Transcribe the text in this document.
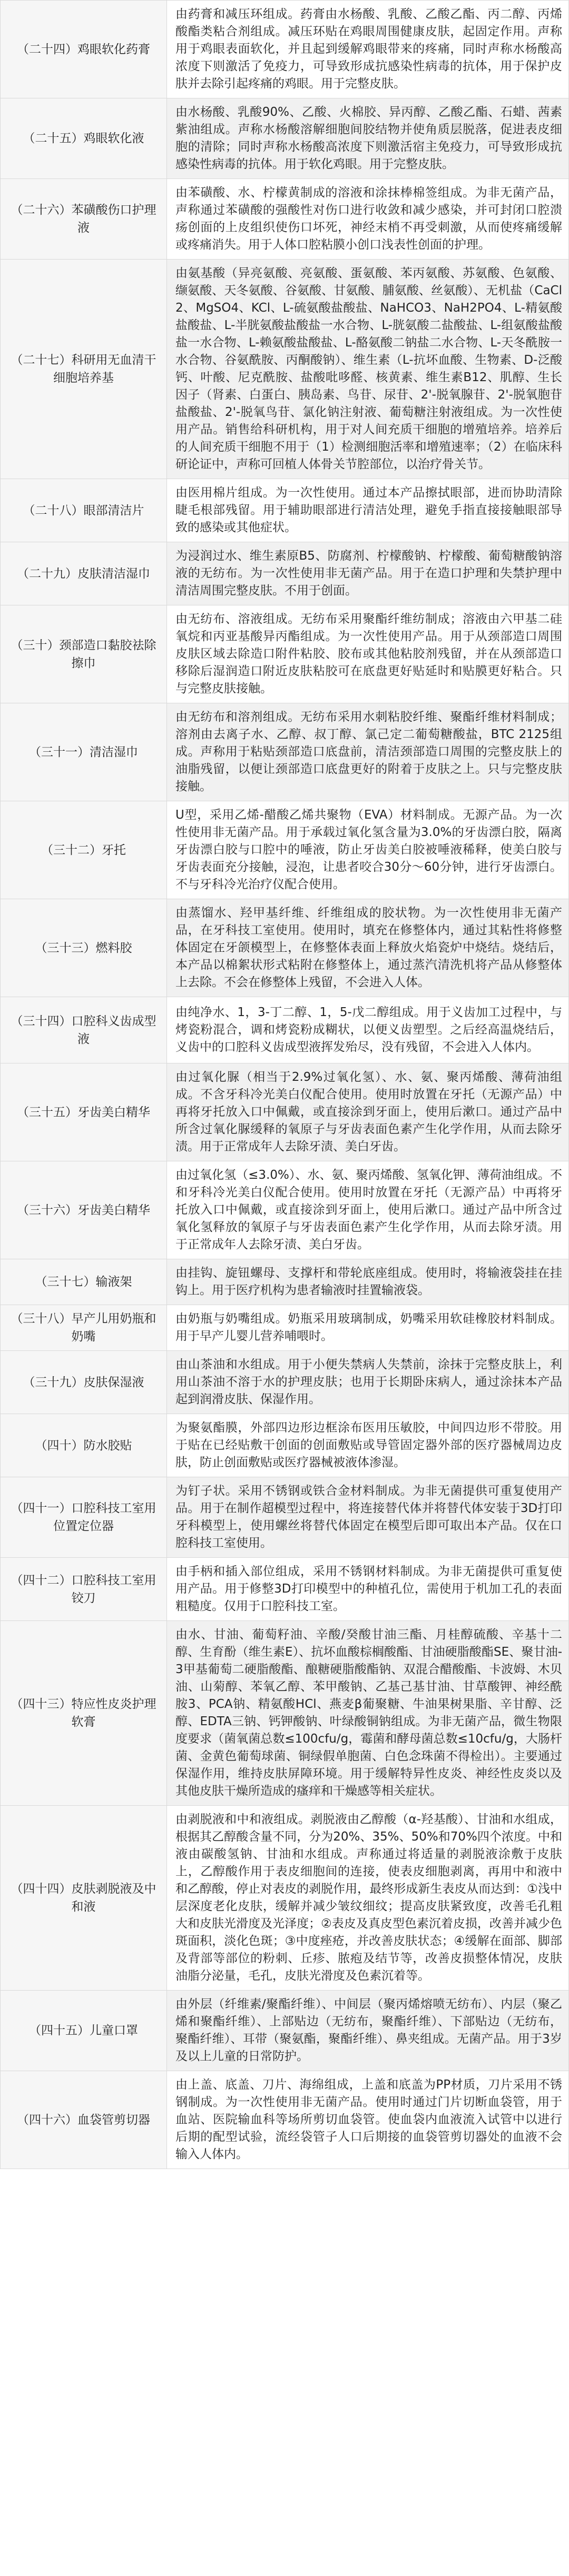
（二十四）鸡眼软化药膏	由药膏和减压环组成。药膏由水杨酸、乳酸、乙酸乙酯、丙二醇、丙烯酸酯类粘合剂组成。减压环贴在鸡眼周围健康皮肤，起固定作用。声称用于鸡眼表面软化，并且起到缓解鸡眼带来的疼痛，同时声称水杨酸高浓度下则激活了免疫力，可导致形成抗感染性病毒的抗体，用于保护皮肤并去除引起疼痛的鸡眼。用于完整皮肤。
（二十五）鸡眼软化液	由水杨酸、乳酸90%、乙酸、火棉胶、异丙醇、乙酸乙酯、石蜡、茜素紫油组成。声称水杨酸溶解细胞间胶结物并使角质层脱落，促进表皮细胞的清除；同时声称水杨酸高浓度下则激活宿主免疫力，可导致形成抗感染性病毒的抗体。用于软化鸡眼。用于完整皮肤。
（二十六）苯磺酸伤口护理液	由苯磺酸、水、柠檬黄制成的溶液和涂抹棒棉签组成。为非无菌产品，声称通过苯磺酸的强酸性对伤口进行收敛和减少感染，并可封闭口腔溃疡创面的上皮组织使伤口坏死，神经末梢不再受刺激，从而使疼痛缓解或疼痛消失。用于人体口腔粘膜小创口浅表性创面的护理。
（二十七）科研用无血清干细胞培养基	由氨基酸（异亮氨酸、亮氨酸、蛋氨酸、苯丙氨酸、苏氨酸、色氨酸、缬氨酸、天冬氨酸、谷氨酸、甘氨酸、脯氨酸、丝氨酸）、无机盐（CaCl2、MgSO4、KCl、L-硫氨酸盐酸盐、NaHCO3、NaH2PO4、L-精氨酸盐酸盐、L-半胱氨酸盐酸盐一水合物、L-胱氨酸二盐酸盐、L-组氨酸盐酸盐一水合物、L-赖氨酸盐酸盐、L-酪氨酸二钠盐二水合物、L-天冬酰胺一水合物、谷氨酰胺、丙酮酸钠）、维生素（L-抗坏血酸、生物素、D-泛酸钙、叶酸、尼克酰胺、盐酸吡哆醛、核黄素、维生素B12、肌醇、生长因子（肾素、白蛋白、胰岛素、鸟苷、尿苷、2'-脱氧腺苷、2'-脱氧胞苷盐酸盐、2'-脱氧鸟苷、氯化钠注射液、葡萄糖注射液组成。为一次性使用产品。销售给科研机构，用于对人间充质干细胞的增殖培养。培养后的人间充质干细胞不用于（1）检测细胞活率和增殖速率；（2）在临床科研论证中，声称可回植人体骨关节腔部位，以治疗骨关节。
（二十八）眼部清洁片	由医用棉片组成。为一次性使用。通过本产品擦拭眼部，进而协助清除睫毛根部残留。用于辅助眼部进行清洁处理，避免手指直接接触眼部导致的感染或其他症状。
（二十九）皮肤清洁湿巾	为浸润过水、维生素原B5、防腐剂、柠檬酸钠、柠檬酸、葡萄糖酸钠溶液的无纺布。为一次性使用非无菌产品。用于在造口护理和失禁护理中清洁周围完整皮肤。不用于创面。
（三十）颈部造口黏胶祛除擦巾	由无纺布、溶液组成。无纺布采用聚酯纤维纺制成；溶液由六甲基二硅氧烷和丙亚基酸异丙酯组成。为一次性使用产品。用于从颈部造口周围皮肤区域去除造口附件粘胶、胶布或其他粘胶剂残留，并在从颈部造口移除后湿润造口附近皮肤粘胶可在底盘更好贴延时和贴膜更好粘合。只与完整皮肤接触。
（三十一）清洁湿巾	由无纺布和溶剂组成。无纺布采用水刺粘胶纤维、聚酯纤维材料制成；溶剂由去离子水、乙醇、叔丁醇、氯己定二葡萄糖酸盐，BTC 2125组成。声称用于粘贴颈部造口底盘前，清洁颈部造口周围的完整皮肤上的油脂残留，以便让颈部造口底盘更好的附着于皮肤之上。只与完整皮肤接触。
（三十二）牙托	U型，采用乙烯-醋酸乙烯共聚物（EVA）材料制成。无源产品。为一次性使用非无菌产品。用于承载过氧化氢含量为3.0%的牙齿漂白胶，隔离牙齿漂白胶与口腔中的唾液，防止牙齿美白胶被唾液稀释，使美白胶与牙齿表面充分接触，浸泡，让患者咬合30分～60分钟，进行牙齿漂白。不与牙科冷光治疗仪配合使用。
（三十三）燃料胶	由蒸馏水、羟甲基纤维、纤维组成的胶状物。为一次性使用非无菌产品，在牙科技工室使用。使用时，填充在修整体内，通过其粘性将修整体固定在牙颌模型上，在修整体表面上释放火焰瓷炉中烧结。烧结后，本产品以棉絮状形式粘附在修整体上，通过蒸汽清洗机将产品从修整体上去除。不会在修整体上残留，不会进入人体。
（三十四）口腔科义齿成型液	由纯净水、1，3-丁二醇、1，5-戊二醇组成。用于义齿加工过程中，与烤瓷粉混合，调和烤瓷粉成糊状，以便义齿塑型。之后经高温烧结后，义齿中的口腔科义齿成型液挥发殆尽，没有残留，不会进入人体内。
（三十五）牙齿美白精华	由过氧化脲（相当于2.9%过氧化氢）、水、氨、聚丙烯酸、薄荷油组成。不含牙科冷光美白仪配合使用。使用时放置在牙托（无源产品）中再将牙托放入口中佩戴，或直接涂到牙面上，使用后漱口。通过产品中所含过氧化脲缓释的氧原子与牙齿表面色素产生化学作用，从而去除牙渍。用于正常成年人去除牙渍、美白牙齿。
（三十六）牙齿美白精华	由过氧化氢（≤3.0%）、水、氨、聚丙烯酸、氢氧化钾、薄荷油组成。不和牙科冷光美白仪配合使用。使用时放置在牙托（无源产品）中再将牙托放入口中佩戴，或直接涂到牙面上，使用后漱口。通过产品中所含过氧化氢释放的氧原子与牙齿表面色素产生化学作用，从而去除牙渍。用于正常成年人去除牙渍、美白牙齿。
（三十七）输液架	由挂钩、旋钮螺母、支撑杆和带轮底座组成。使用时，将输液袋挂在挂钩上。用于医疗机构为患者输液时挂置输液袋。
（三十八）早产儿用奶瓶和奶嘴	由奶瓶与奶嘴组成。奶瓶采用玻璃制成，奶嘴采用软硅橡胶材料制成。用于早产儿婴儿营养哺喂时。
（三十九）皮肤保湿液	由山茶油和水组成。用于小便失禁病人失禁前，涂抹于完整皮肤上，利用山茶油不溶于水的护理皮肤；也用于长期卧床病人，通过涂抹本产品起到润滑皮肤、保湿作用。
（四十）防水胶贴	为聚氨酯膜，外部四边形边框涂布医用压敏胶，中间四边形不带胶。用于贴在已经贴敷干创面的创面敷贴或导管固定器外部的医疗器械周边皮肤，防止创面敷贴或医疗器械被液体渗湿。
（四十一）口腔科技工室用位置定位器	为钉子状。采用不锈钢或铁合金材料制成。为非无菌提供可重复使用产品。用于在制作超模型过程中，将连接替代体并将替代体安装于3D打印牙科模型上，使用螺丝将替代体固定在模型后即可取出本产品。仅在口腔科技工室使用。
（四十二）口腔科技工室用铰刀	由手柄和插入部位组成，采用不锈钢材料制成。为非无菌提供可重复使用产品。用于修整3D打印模型中的种植孔位，需使用于机加工孔的表面粗糙度。仅用于口腔科技工室。
（四十三）特应性皮炎护理软膏	由水、甘油、葡萄籽油、辛酸/癸酸甘油三酯、月桂醇硫酸、辛基十二醇、生育酚（维生素E）、抗坏血酸棕榈酸酯、甘油硬脂酸酯SE、聚甘油-3甲基葡萄二硬脂酸酯、酿糖硬脂酸酯钠、双混合醋酸酯、卡波姆、木贝油、山菊醇、苯氧乙醇、苯甲酸钠、乙基己基甘油、甘草酸钾、神经酰胺3、PCA钠、精氨酸HCl、燕麦β葡聚糖、牛油果树果脂、辛甘醇、泛醇、EDTA三钠、钙钾酸钠、叶绿酸铜钠组成。为非无菌产品，微生物限度要求（菌氧菌总数≤100cfu/g，霉菌和酵母菌总数≤10cfu/g，大肠杆菌、金黄色葡萄球菌、铜绿假单胞菌、白色念珠菌不得检出）。主要通过保湿作用，维持皮肤屏障环境。用于缓解特异性皮炎、神经性皮炎以及其他皮肤干燥所造成的瘙痒和干燥感等相关症状。
（四十四）皮肤剥脱液及中和液	由剥脱液和中和液组成。剥脱液由乙醇酸（α-羟基酸）、甘油和水组成，根据其乙醇酸含量不同，分为20%、35%、50%和70%四个浓度。中和液由碳酸氢钠、甘油和水组成。声称通过将适量的剥脱液涂敷于皮肤上，乙醇酸作用于表皮细胞间的连接，使表皮细胞剥离，再用中和液中和乙醇酸，停止对表皮的剥脱作用，最终形成新生表皮从而达到：①浅中层深度老化皮肤，缓解并减少皱纹细纹；提高皮肤紧致度，改善毛孔粗大和皮肤光滑度及光泽度；②表皮及真皮型色素沉着皮损，改善并减少色斑面积，淡化色斑；③中度痤疮，并改善皮肤状态；④缓解在面部、脚部及背部等部位的粉刺、丘疹、脓疱及结节等，改善皮损整体情况，皮肤油脂分泌量，毛孔，皮肤光滑度及色素沉着等。
（四十五）儿童口罩	由外层（纤维素/聚酯纤维）、中间层（聚丙烯熔喷无纺布）、内层（聚乙烯和聚酯纤维）、上部贴边（无纺布，聚酯纤维）、下部贴边（无纺布，聚酯纤维）、耳带（聚氨酯，聚酯纤维）、鼻夹组成。无菌产品。用于3岁及以上儿童的日常防护。
（四十六）血袋管剪切器	由上盖、底盖、刀片、海绵组成，上盖和底盖为PP材质，刀片采用不锈钢制成。为一次性使用非无菌产品。使用时通过门片切断血袋管，用于血站、医院输血科等场所剪切血袋管。使血袋内血液流入试管中以进行后期的配型试验，流经袋管子人口后期接的血袋管剪切器处的血液不会输入人体内。
